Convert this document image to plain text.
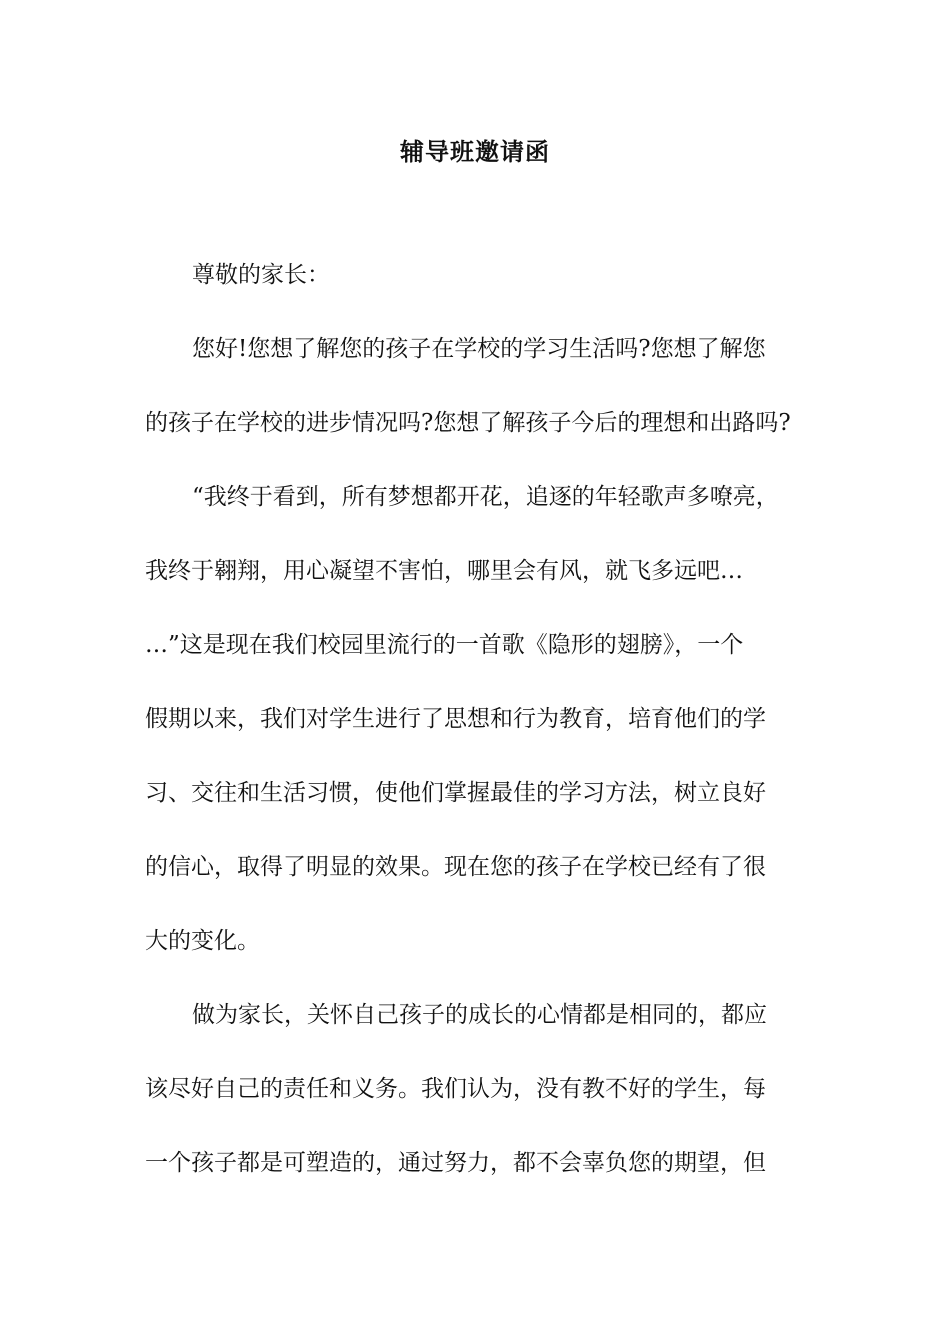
辅导班邀请函
尊敬的家长：
您好!您想了解您的孩子在学校的学习生活吗?您想了解您
的孩子在学校的进步情况吗?您想了解孩子今后的理想和出路吗?
“我终于看到，所有梦想都开花，追逐的年轻歌声多嘹亮，
我终于翱翔，用心凝望不害怕，哪里会有风，就飞多远吧…
…”这是现在我们校园里流行的一首歌《隐形的翅膀》，一个
假期以来，我们对学生进行了思想和行为教育，培育他们的学
习、交往和生活习惯，使他们掌握最佳的学习方法，树立良好
的信心，取得了明显的效果。现在您的孩子在学校已经有了很
大的变化。
做为家长，关怀自己孩子的成长的心情都是相同的，都应
该尽好自己的责任和义务。我们认为，没有教不好的学生，每
一个孩子都是可塑造的，通过努力，都不会辜负您的期望，但
